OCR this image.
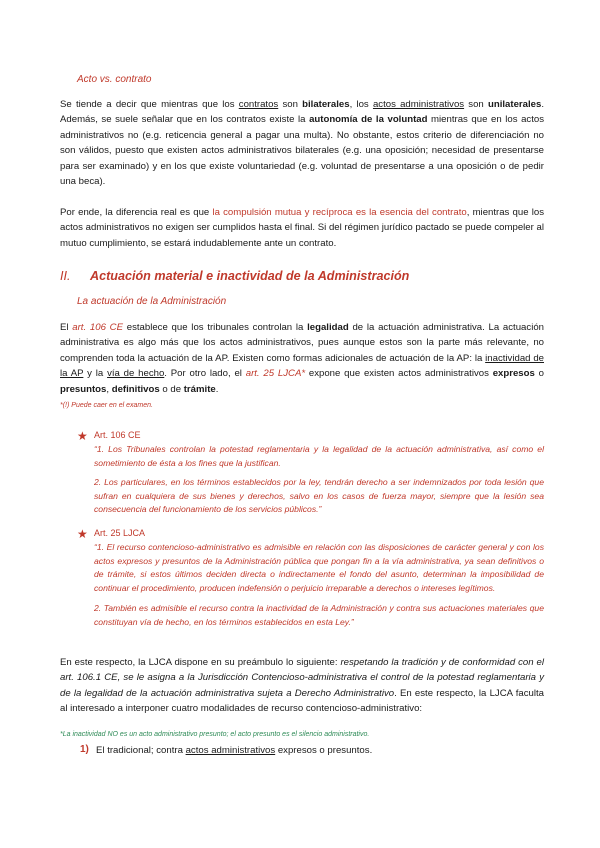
Acto vs. contrato
Se tiende a decir que mientras que los contratos son bilaterales, los actos administrativos son unilaterales. Además, se suele señalar que en los contratos existe la autonomía de la voluntad mientras que en los actos administrativos no (e.g. reticencia general a pagar una multa). No obstante, estos criterio de diferenciación no son válidos, puesto que existen actos administrativos bilaterales (e.g. una oposición; necesidad de presentarse para ser examinado) y en los que existe voluntariedad (e.g. voluntad de presentarse a una oposición o de pedir una beca).
Por ende, la diferencia real es que la compulsión mutua y recíproca es la esencia del contrato, mientras que los actos administrativos no exigen ser cumplidos hasta el final. Si del régimen jurídico pactado se puede compeler al mutuo cumplimiento, se estará indudablemente ante un contrato.
II. Actuación material e inactividad de la Administración
La actuación de la Administración
El art. 106 CE establece que los tribunales controlan la legalidad de la actuación administrativa. La actuación administrativa es algo más que los actos administrativos, pues aunque estos son la parte más relevante, no comprenden toda la actuación de la AP. Existen como formas adicionales de actuación de la AP: la inactividad de la AP y la vía de hecho. Por otro lado, el art. 25 LJCA* expone que existen actos administrativos expresos o presuntos, definitivos o de trámite.
*(!) Puede caer en el examen.
★ Art. 106 CE
“1. Los Tribunales controlan la potestad reglamentaria y la legalidad de la actuación administrativa, así como el sometimiento de ésta a los fines que la justifican.
2. Los particulares, en los términos establecidos por la ley, tendrán derecho a ser indemnizados por toda lesión que sufran en cualquiera de sus bienes y derechos, salvo en los casos de fuerza mayor, siempre que la lesión sea consecuencia del funcionamiento de los servicios públicos.”
★ Art. 25 LJCA
“1. El recurso contencioso-administrativo es admisible en relación con las disposiciones de carácter general y con los actos expresos y presuntos de la Administración pública que pongan fin a la vía administrativa, ya sean definitivos o de trámite, si estos últimos deciden directa o indirectamente el fondo del asunto, determinan la imposibilidad de continuar el procedimiento, producen indefensión o perjuicio irreparable a derechos o intereses legítimos.
2. También es admisible el recurso contra la inactividad de la Administración y contra sus actuaciones materiales que constituyan vía de hecho, en los términos establecidos en esta Ley.”
En este respecto, la LJCA dispone en su preámbulo lo siguiente: respetando la tradición y de conformidad con el art. 106.1 CE, se le asigna a la Jurisdicción Contencioso-administrativa el control de la potestad reglamentaria y de la legalidad de la actuación administrativa sujeta a Derecho Administrativo. En este respecto, la LJCA faculta al interesado a interponer cuatro modalidades de recurso contencioso-administrativo:
*La inactividad NO es un acto administrativo presunto; el acto presunto es el silencio administrativo.
1) El tradicional; contra actos administrativos expresos o presuntos.
